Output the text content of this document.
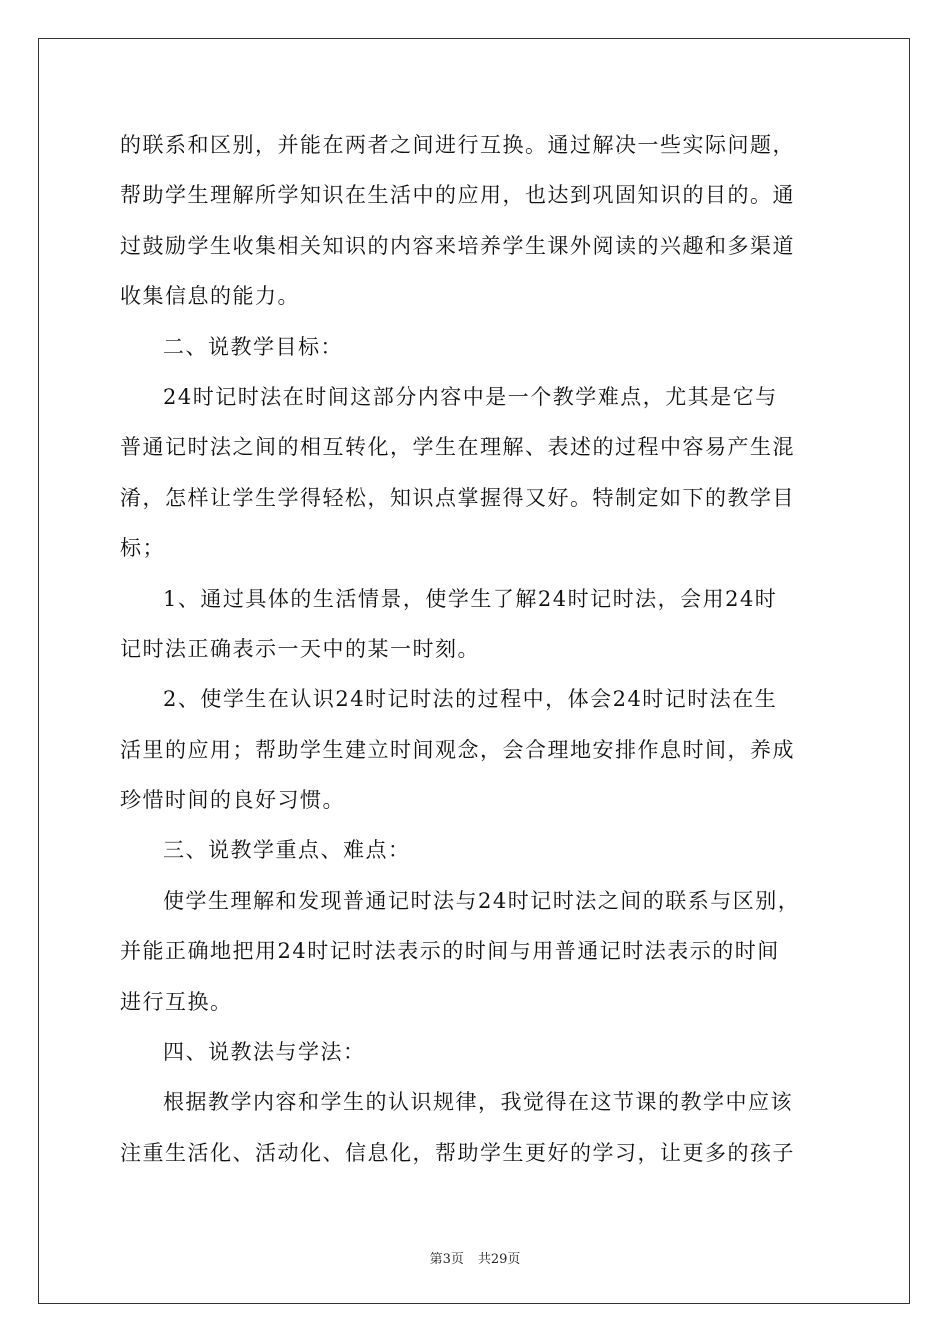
的联系和区别，并能在两者之间进行互换。通过解决一些实际问题，
帮助学生理解所学知识在生活中的应用，也达到巩固知识的目的。通
过鼓励学生收集相关知识的内容来培养学生课外阅读的兴趣和多渠道
收集信息的能力。
二、说教学目标：
24时记时法在时间这部分内容中是一个教学难点，尤其是它与
普通记时法之间的相互转化，学生在理解、表述的过程中容易产生混
淆，怎样让学生学得轻松，知识点掌握得又好。特制定如下的教学目
标；
1、通过具体的生活情景，使学生了解24时记时法，会用24时
记时法正确表示一天中的某一时刻。
2、使学生在认识24时记时法的过程中，体会24时记时法在生
活里的应用；帮助学生建立时间观念，会合理地安排作息时间，养成
珍惜时间的良好习惯。
三、说教学重点、难点：
使学生理解和发现普通记时法与24时记时法之间的联系与区别，
并能正确地把用24时记时法表示的时间与用普通记时法表示的时间
进行互换。
四、说教法与学法：
根据教学内容和学生的认识规律，我觉得在这节课的教学中应该
注重生活化、活动化、信息化，帮助学生更好的学习，让更多的孩子
第3页 共29页
